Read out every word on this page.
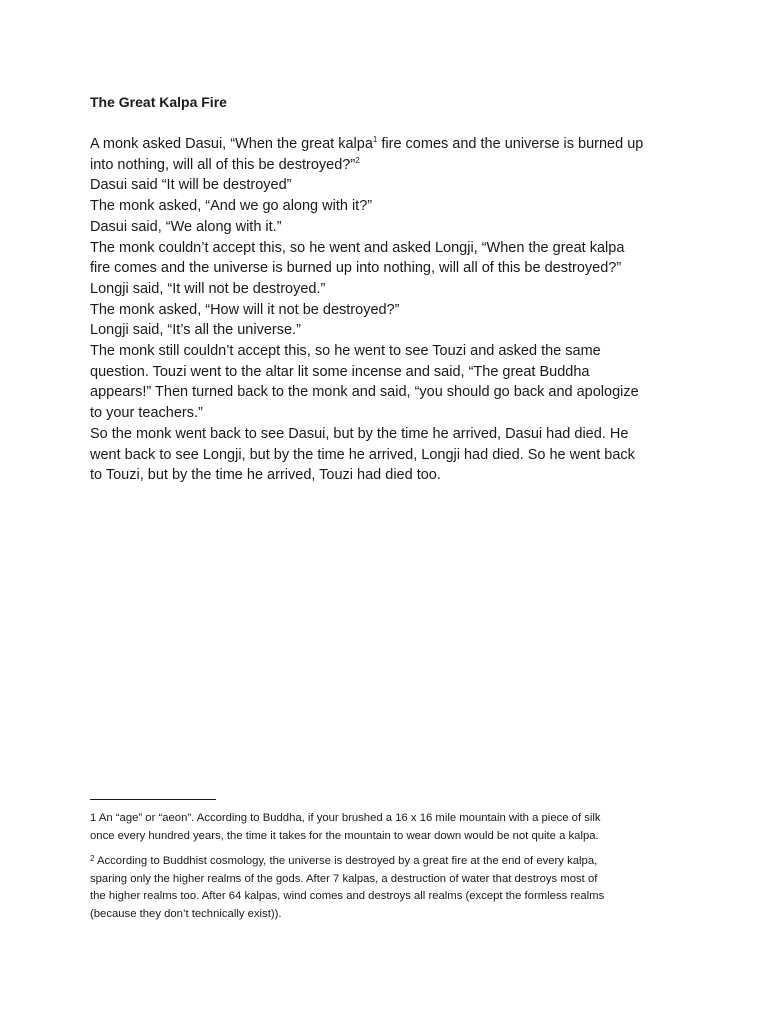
The Great Kalpa Fire
A monk asked Dasui, “When the great kalpa$^1$ fire comes and the universe is burned up
into nothing, will all of this be destroyed?”$^2$
Dasui said “It will be destroyed”
The monk asked, “And we go along with it?”
Dasui said, “We along with it.”
The monk couldn’t accept this, so he went and asked Longji, “When the great kalpa
fire comes and the universe is burned up into nothing, will all of this be destroyed?”
Longji said, “It will not be destroyed.”
The monk asked, “How will it not be destroyed?”
Longji said, “It’s all the universe.”
The monk still couldn’t accept this, so he went to see Touzi and asked the same
question. Touzi went to the altar lit some incense and said, “The great Buddha
appears!” Then turned back to the monk and said, “you should go back and apologize
to your teachers.”
So the monk went back to see Dasui, but by the time he arrived, Dasui had died. He
went back to see Longji, but by the time he arrived, Longji had died. So he went back
to Touzi, but by the time he arrived, Touzi had died too.
1 An “age” or “aeon”. According to Buddha, if your brushed a 16 x 16 mile mountain with a piece of silk
once every hundred years, the time it takes for the mountain to wear down would be not quite a kalpa.
$^2$ According to Buddhist cosmology, the universe is destroyed by a great fire at the end of every kalpa,
sparing only the higher realms of the gods. After 7 kalpas, a destruction of water that destroys most of
the higher realms too. After 64 kalpas, wind comes and destroys all realms (except the formless realms
(because they don’t technically exist)).
